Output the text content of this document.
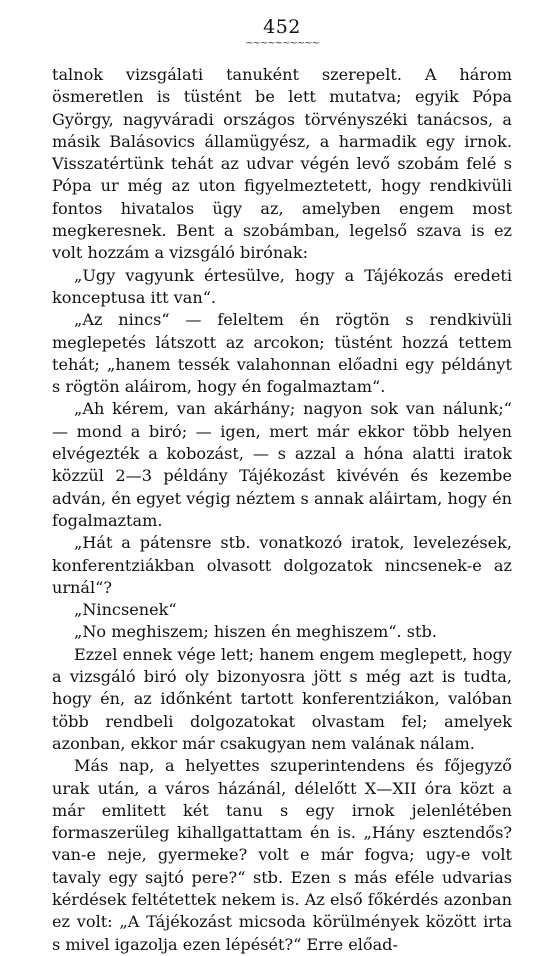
452
~~~~~~~~~~

talnok vizsgálati tanuként szerepelt. A három ösmeretlen is tüstént be lett mutatva; egyik Pópa György, nagyváradi országos törvényszéki tanácsos, a másik Balásovics államügyész, a harmadik egy irnok. Visszatértünk tehát az udvar végén levő szobám felé s Pópa ur még az uton figyelmeztetett, hogy rendkivüli fontos hivatalos ügy az, amelyben engem most megkeresnek. Bent a szobámban, legelső szava is ez volt hozzám a vizsgáló birónak:

„Ugy vagyunk értesülve, hogy a Tájékozás eredeti konceptusa itt van“.

„Az nincs“ — feleltem én rögtön s rendkivüli meglepetés látszott az arcokon; tüstént hozzá tettem tehát; „hanem tessék valahonnan előadni egy példányt s rögtön aláirom, hogy én fogalmaztam“.

„Ah kérem, van akárhány; nagyon sok van nálunk;“ — mond a biró; — igen, mert már ekkor több helyen elvégezték a kobozást, — s azzal a hóna alatti iratok közzül 2—3 példány Tájékozást kivévén és kezembe adván, én egyet végig néztem s annak aláirtam, hogy én fogalmaztam.

„Hát a pátensre stb. vonatkozó iratok, levelezések, konferentziákban olvasott dolgozatok nincsenek-e az urnál“?

„Nincsenek“

„No meghiszem; hiszen én meghiszem“. stb.

Ezzel ennek vége lett; hanem engem meglepett, hogy a vizsgáló biró oly bizonyosra jött s még azt is tudta, hogy én, az időnként tartott konferentziákon, valóban több rendbeli dolgozatokat olvastam fel; amelyek azonban, ekkor már csakugyan nem valának nálam.

Más nap, a helyettes szuperintendens és főjegyző urak után, a város házánál, délelőtt X—XII óra közt a már emlitett két tanu s egy irnok jelenlétében formaszerüleg kihallgattattam én is. „Hány esztendős? van-e neje, gyermeke? volt e már fogva; ugy-e volt tavaly egy sajtó pere?“ stb. Ezen s más eféle udvarias kérdések feltétettek nekem is. Az első főkérdés azonban ez volt: „A Tájékozást micsoda körülmények között irta s mivel igazolja ezen lépését?“ Erre előad-
